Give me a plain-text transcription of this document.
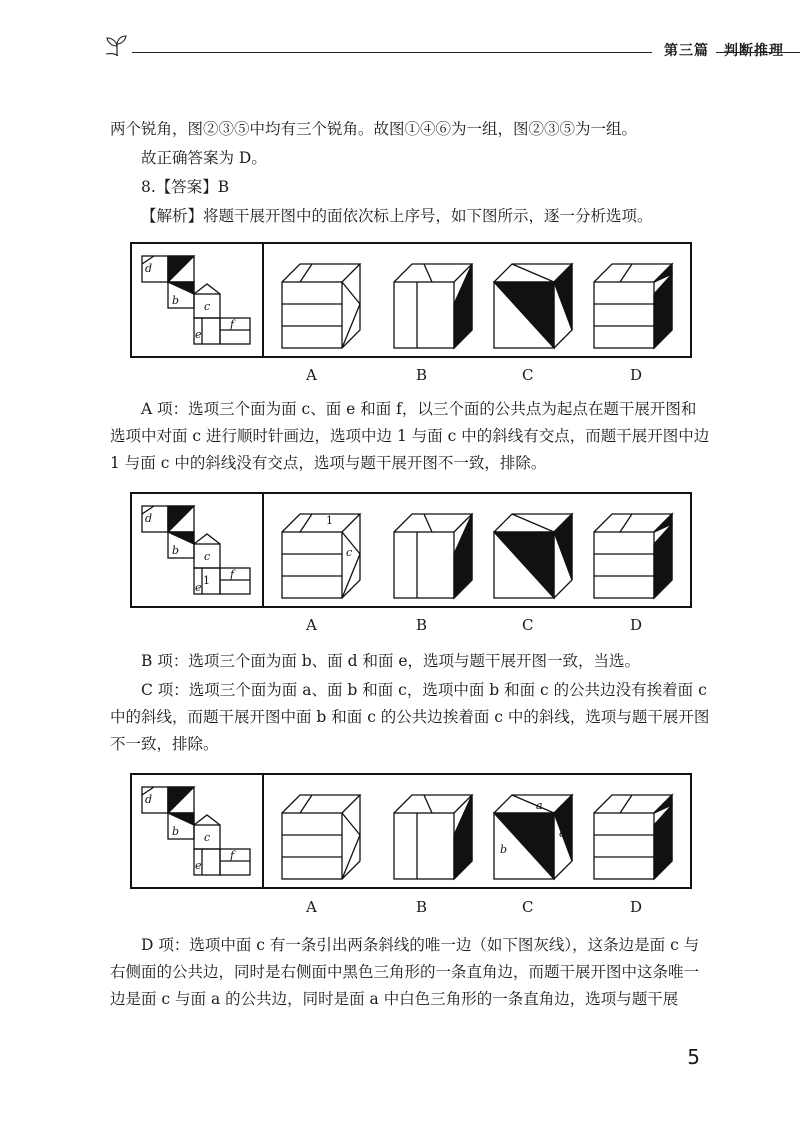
第三篇　判断推理

两个锐角，图②③⑤中均有三个锐角。故图①④⑥为一组，图②③⑤为一组。

故正确答案为 D。

8.【答案】B

【解析】将题干展开图中的面依次标上序号，如下图所示，逐一分析选项。

d	a
b c
e
f
A	B	C	D

A 项：选项三个面为面 c、面 e 和面 f，以三个面的公共点为起点在题干展开图和选项中对面 c 进行顺时针画边，选项中边 1 与面 c 中的斜线有交点，而题干展开图中边 1 与面 c 中的斜线没有交点，选项与题干展开图不一致，排除。

d	a
b c
1
e
f
1
c
A	B	C	D

B 项：选项三个面为面 b、面 d 和面 e，选项与题干展开图一致，当选。

C 项：选项三个面为面 a、面 b 和面 c，选项中面 b 和面 c 的公共边没有挨着面 c 中的斜线，而题干展开图中面 b 和面 c 的公共边挨着面 c 中的斜线，选项与题干展开图不一致，排除。

d	a
b c
e
f
a
b
c
A	B	C	D

D 项：选项中面 c 有一条引出两条斜线的唯一边（如下图灰线），这条边是面 c 与右侧面的公共边，同时是右侧面中黑色三角形的一条直角边，而题干展开图中这条唯一边是面 c 与面 a 的公共边，同时是面 a 中白色三角形的一条直角边，选项与题干展

5
